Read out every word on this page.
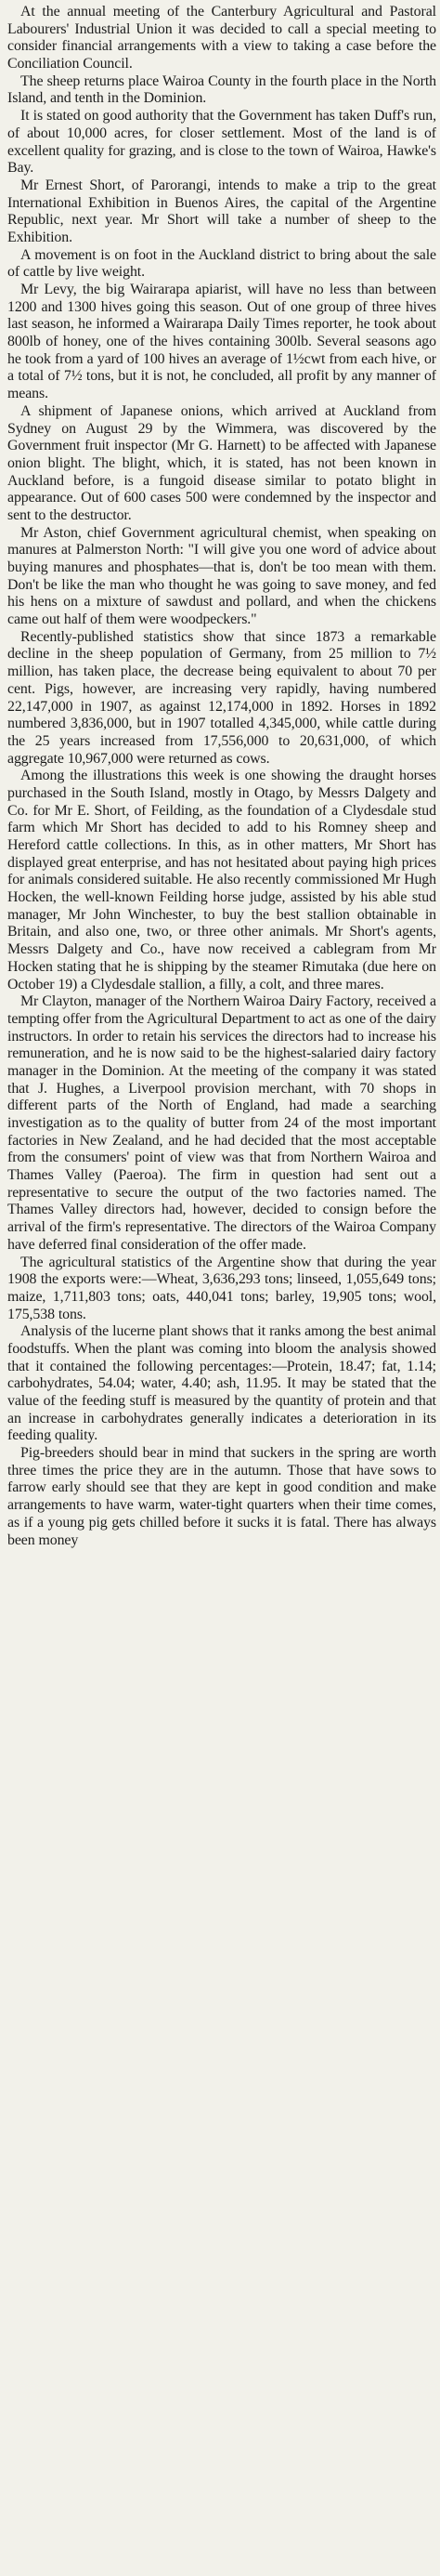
At the annual meeting of the Canterbury Agricultural and Pastoral Labourers' Industrial Union it was decided to call a special meeting to consider financial arrangements with a view to taking a case before the Conciliation Council.

The sheep returns place Wairoa County in the fourth place in the North Island, and tenth in the Dominion.

It is stated on good authority that the Government has taken Duff's run, of about 10,000 acres, for closer settlement. Most of the land is of excellent quality for grazing, and is close to the town of Wairoa, Hawke's Bay.

Mr Ernest Short, of Parorangi, intends to make a trip to the great International Exhibition in Buenos Aires, the capital of the Argentine Republic, next year. Mr Short will take a number of sheep to the Exhibition.

A movement is on foot in the Auckland district to bring about the sale of cattle by live weight.

Mr Levy, the big Wairarapa apiarist, will have no less than between 1200 and 1300 hives going this season. Out of one group of three hives last season, he informed a Wairarapa Daily Times reporter, he took about 800lb of honey, one of the hives containing 300lb. Several seasons ago he took from a yard of 100 hives an average of 1½cwt from each hive, or a total of 7½ tons, but it is not, he concluded, all profit by any manner of means.

A shipment of Japanese onions, which arrived at Auckland from Sydney on August 29 by the Wimmera, was discovered by the Government fruit inspector (Mr G. Harnett) to be affected with Japanese onion blight. The blight, which, it is stated, has not been known in Auckland before, is a fungoid disease similar to potato blight in appearance. Out of 600 cases 500 were condemned by the inspector and sent to the destructor.

Mr Aston, chief Government agricultural chemist, when speaking on manures at Palmerston North: "I will give you one word of advice about buying manures and phosphates—that is, don't be too mean with them. Don't be like the man who thought he was going to save money, and fed his hens on a mixture of sawdust and pollard, and when the chickens came out half of them were woodpeckers."

Recently-published statistics show that since 1873 a remarkable decline in the sheep population of Germany, from 25 million to 7½ million, has taken place, the decrease being equivalent to about 70 per cent. Pigs, however, are increasing very rapidly, having numbered 22,147,000 in 1907, as against 12,174,000 in 1892. Horses in 1892 numbered 3,836,000, but in 1907 totalled 4,345,000, while cattle during the 25 years increased from 17,556,000 to 20,631,000, of which aggregate 10,967,000 were returned as cows.

Among the illustrations this week is one showing the draught horses purchased in the South Island, mostly in Otago, by Messrs Dalgety and Co. for Mr E. Short, of Feilding, as the foundation of a Clydesdale stud farm which Mr Short has decided to add to his Romney sheep and Hereford cattle collections. In this, as in other matters, Mr Short has displayed great enterprise, and has not hesitated about paying high prices for animals considered suitable. He also recently commissioned Mr Hugh Hocken, the well-known Feilding horse judge, assisted by his able stud manager, Mr John Winchester, to buy the best stallion obtainable in Britain, and also one, two, or three other animals. Mr Short's agents, Messrs Dalgety and Co., have now received a cablegram from Mr Hocken stating that he is shipping by the steamer Rimutaka (due here on October 19) a Clydesdale stallion, a filly, a colt, and three mares.

Mr Clayton, manager of the Northern Wairoa Dairy Factory, received a tempting offer from the Agricultural Department to act as one of the dairy instructors. In order to retain his services the directors had to increase his remuneration, and he is now said to be the highest-salaried dairy factory manager in the Dominion. At the meeting of the company it was stated that J. Hughes, a Liverpool provision merchant, with 70 shops in different parts of the North of England, had made a searching investigation as to the quality of butter from 24 of the most important factories in New Zealand, and he had decided that the most acceptable from the consumers' point of view was that from Northern Wairoa and Thames Valley (Paeroa). The firm in question had sent out a representative to secure the output of the two factories named. The Thames Valley directors had, however, decided to consign before the arrival of the firm's representative. The directors of the Wairoa Company have deferred final consideration of the offer made.

The agricultural statistics of the Argentine show that during the year 1908 the exports were:—Wheat, 3,636,293 tons; linseed, 1,055,649 tons; maize, 1,711,803 tons; oats, 440,041 tons; barley, 19,905 tons; wool, 175,538 tons.

Analysis of the lucerne plant shows that it ranks among the best animal foodstuffs. When the plant was coming into bloom the analysis showed that it contained the following percentages:—Protein, 18.47; fat, 1.14; carbohydrates, 54.04; water, 4.40; ash, 11.95. It may be stated that the value of the feeding stuff is measured by the quantity of protein and that an increase in carbohydrates generally indicates a deterioration in its feeding quality.

Pig-breeders should bear in mind that suckers in the spring are worth three times the price they are in the autumn. Those that have sows to farrow early should see that they are kept in good condition and make arrangements to have warm, water-tight quarters when their time comes, as if a young pig gets chilled before it sucks it is fatal. There has always been money
